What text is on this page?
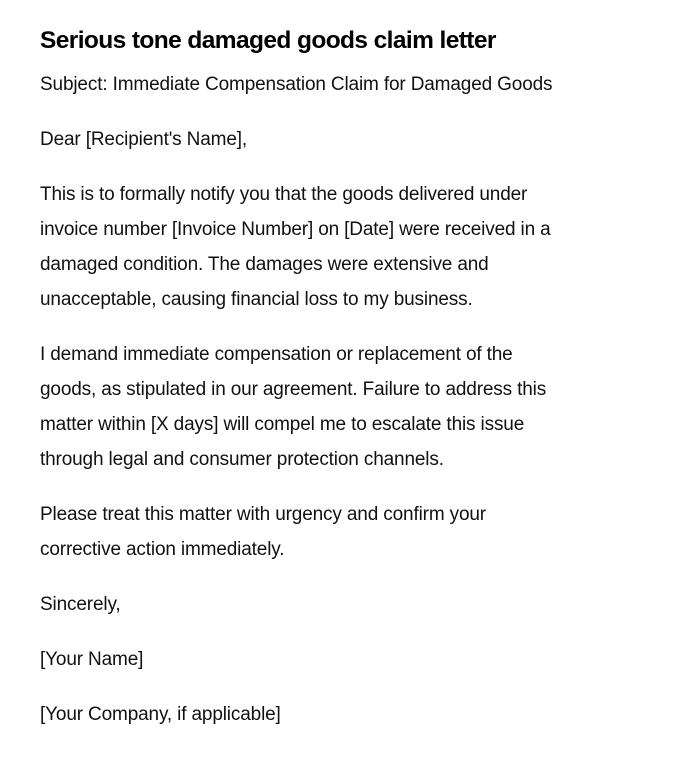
Serious tone damaged goods claim letter

Subject: Immediate Compensation Claim for Damaged Goods

Dear [Recipient's Name],

This is to formally notify you that the goods delivered under
invoice number [Invoice Number] on [Date] were received in a
damaged condition. The damages were extensive and
unacceptable, causing financial loss to my business.

I demand immediate compensation or replacement of the
goods, as stipulated in our agreement. Failure to address this
matter within [X days] will compel me to escalate this issue
through legal and consumer protection channels.

Please treat this matter with urgency and confirm your
corrective action immediately.

Sincerely,

[Your Name]

[Your Company, if applicable]
